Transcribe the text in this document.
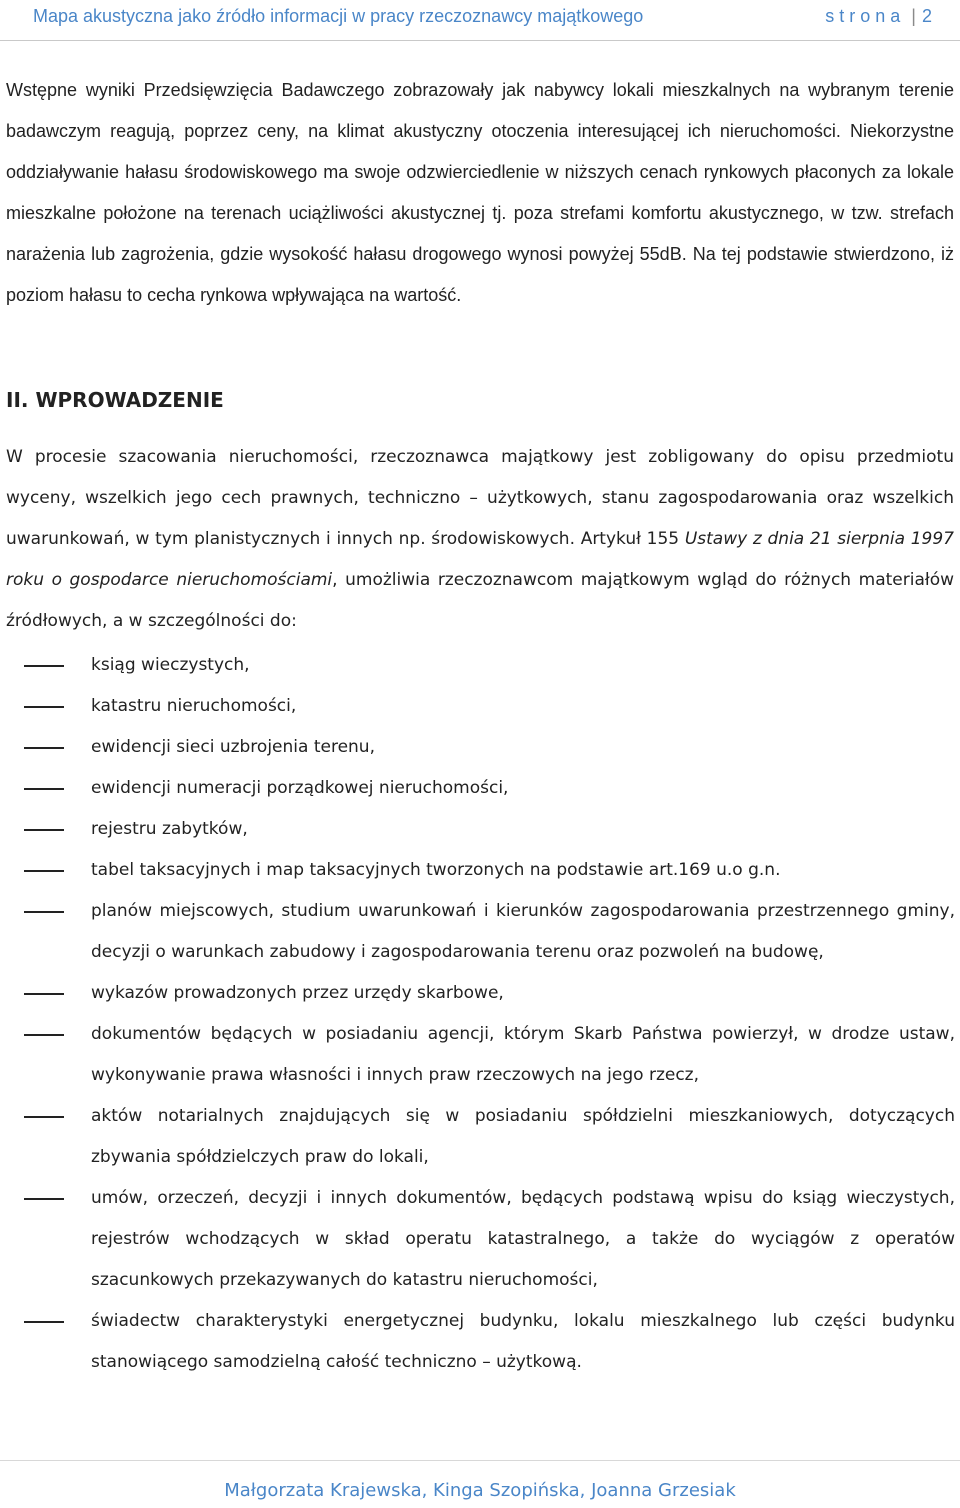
Mapa akustyczna jako źródło informacji w pracy rzeczoznawcy majątkowego	strona | 2

Wstępne wyniki Przedsięwzięcia Badawczego zobrazowały jak nabywcy lokali mieszkalnych na wybranym terenie badawczym reagują, poprzez ceny, na klimat akustyczny otoczenia interesującej ich nieruchomości. Niekorzystne oddziaływanie hałasu środowiskowego ma swoje odzwierciedlenie w niższych cenach rynkowych płaconych za lokale mieszkalne położone na terenach uciążliwości akustycznej tj. poza strefami komfortu akustycznego, w tzw. strefach narażenia lub zagrożenia, gdzie wysokość hałasu drogowego wynosi powyżej 55dB. Na tej podstawie stwierdzono, iż poziom hałasu to cecha rynkowa wpływająca na wartość.

II. WPROWADZENIE

W procesie szacowania nieruchomości, rzeczoznawca majątkowy jest zobligowany do opisu przedmiotu wyceny, wszelkich jego cech prawnych, techniczno – użytkowych, stanu zagospodarowania oraz wszelkich uwarunkowań, w tym planistycznych i innych np. środowiskowych. Artykuł 155 Ustawy z dnia 21 sierpnia 1997 roku o gospodarce nieruchomościami, umożliwia rzeczoznawcom majątkowym wgląd do różnych materiałów źródłowych, a w szczególności do:

ksiąg wieczystych,
katastru nieruchomości,
ewidencji sieci uzbrojenia terenu,
ewidencji numeracji porządkowej nieruchomości,
rejestru zabytków,
tabel taksacyjnych i map taksacyjnych tworzonych na podstawie art.169 u.o g.n.
planów miejscowych, studium uwarunkowań i kierunków zagospodarowania przestrzennego gminy, decyzji o warunkach zabudowy i zagospodarowania terenu oraz pozwoleń na budowę,
wykazów prowadzonych przez urzędy skarbowe,
dokumentów będących w posiadaniu agencji, którym Skarb Państwa powierzył, w drodze ustaw, wykonywanie prawa własności i innych praw rzeczowych na jego rzecz,
aktów notarialnych znajdujących się w posiadaniu spółdzielni mieszkaniowych, dotyczących zbywania spółdzielczych praw do lokali,
umów, orzeczeń, decyzji i innych dokumentów, będących podstawą wpisu do ksiąg wieczystych, rejestrów wchodzących w skład operatu katastralnego, a także do wyciągów z operatów szacunkowych przekazywanych do katastru nieruchomości,
świadectw charakterystyki energetycznej budynku, lokalu mieszkalnego lub części budynku stanowiącego samodzielną całość techniczno – użytkową.
Małgorzata Krajewska, Kinga Szopińska, Joanna Grzesiak
